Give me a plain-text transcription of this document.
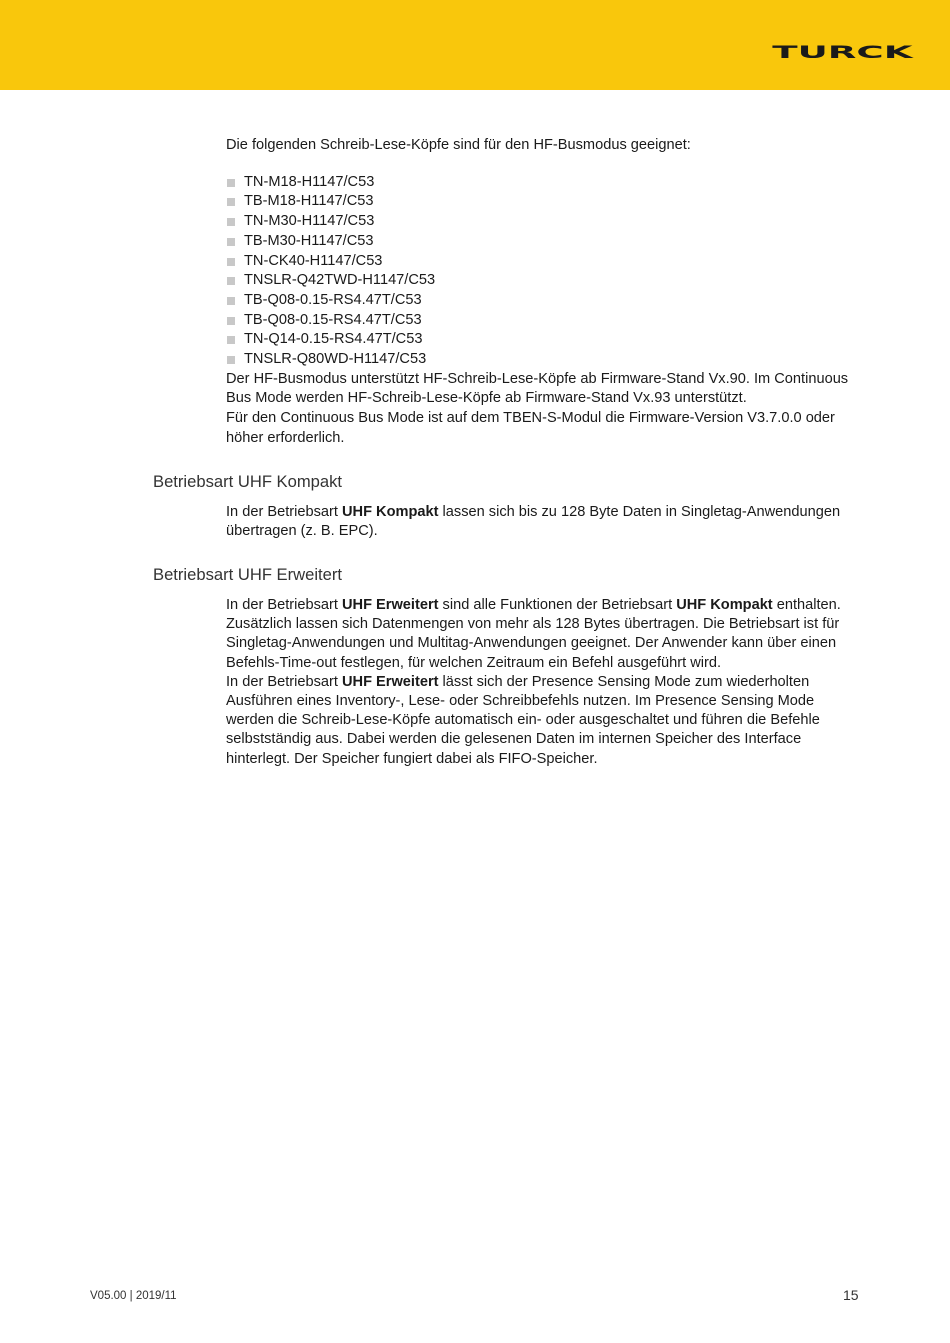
TURCK

Die folgenden Schreib-Lese-Köpfe sind für den HF-Busmodus geeignet:

TN-M18-H1147/C53
TB-M18-H1147/C53
TN-M30-H1147/C53
TB-M30-H1147/C53
TN-CK40-H1147/C53
TNSLR-Q42TWD-H1147/C53
TB-Q08-0.15-RS4.47T/C53
TB-Q08-0.15-RS4.47T/C53
TN-Q14-0.15-RS4.47T/C53
TNSLR-Q80WD-H1147/C53

Der HF-Busmodus unterstützt HF-Schreib-Lese-Köpfe ab Firmware-Stand Vx.90. Im Continuous Bus Mode werden HF-Schreib-Lese-Köpfe ab Firmware-Stand Vx.93 unterstützt.

Für den Continuous Bus Mode ist auf dem TBEN-S-Modul die Firmware-Version V3.7.0.0 oder höher erforderlich.

Betriebsart UHF Kompakt

In der Betriebsart UHF Kompakt lassen sich bis zu 128 Byte Daten in Singletag-Anwendungen übertragen (z. B. EPC).

Betriebsart UHF Erweitert

In der Betriebsart UHF Erweitert sind alle Funktionen der Betriebsart UHF Kompakt enthalten. Zusätzlich lassen sich Datenmengen von mehr als 128 Bytes übertragen. Die Betriebsart ist für Singletag-Anwendungen und Multitag-Anwendungen geeignet. Der Anwender kann über einen Befehls-Time-out festlegen, für welchen Zeitraum ein Befehl ausgeführt wird.

In der Betriebsart UHF Erweitert lässt sich der Presence Sensing Mode zum wiederholten Ausführen eines Inventory-, Lese- oder Schreibbefehls nutzen. Im Presence Sensing Mode werden die Schreib-Lese-Köpfe automatisch ein- oder ausgeschaltet und führen die Befehle selbstständig aus. Dabei werden die gelesenen Daten im internen Speicher des Interface hinterlegt. Der Speicher fungiert dabei als FIFO-Speicher.

V05.00 | 2019/11	15
